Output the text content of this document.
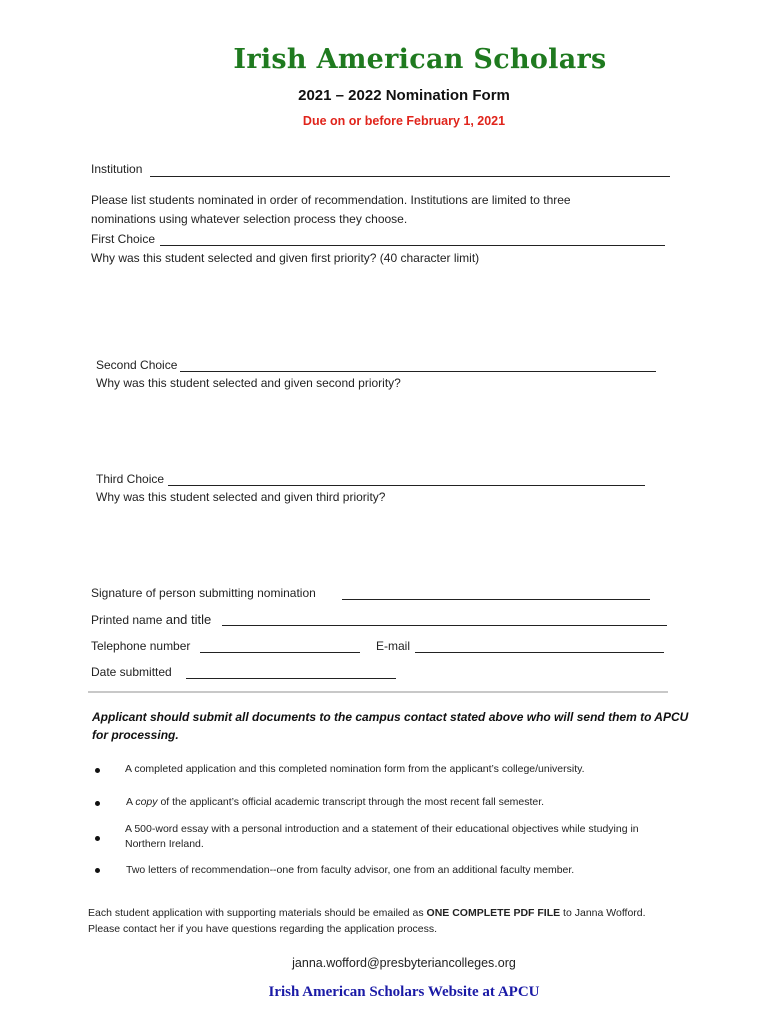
Irish American Scholars
2021 – 2022 Nomination Form
Due on or before February 1, 2021
Institution
Please list students nominated in order of recommendation. Institutions are limited to three
nominations using whatever selection process they choose.
First Choice
Why was this student selected and given first priority? (40 character limit)
Second Choice
Why was this student selected and given second priority?
Third Choice
Why was this student selected and given third priority?
Signature of person submitting nomination
Printed name and title
Telephone number	E-mail
Date submitted
Applicant should submit all documents to the campus contact stated above who will send them to APCU
for processing.
A completed application and this completed nomination form from the applicant’s college/university.
A copy of the applicant’s official academic transcript through the most recent fall semester.
A 500-word essay with a personal introduction and a statement of their educational objectives while studying in
Northern Ireland.
Two letters of recommendation--one from faculty advisor, one from an additional faculty member.
Each student application with supporting materials should be emailed as ONE COMPLETE PDF FILE to Janna Wofford.
Please contact her if you have questions regarding the application process.
janna.wofford@presbyteriancolleges.org
Irish American Scholars Website at APCU
